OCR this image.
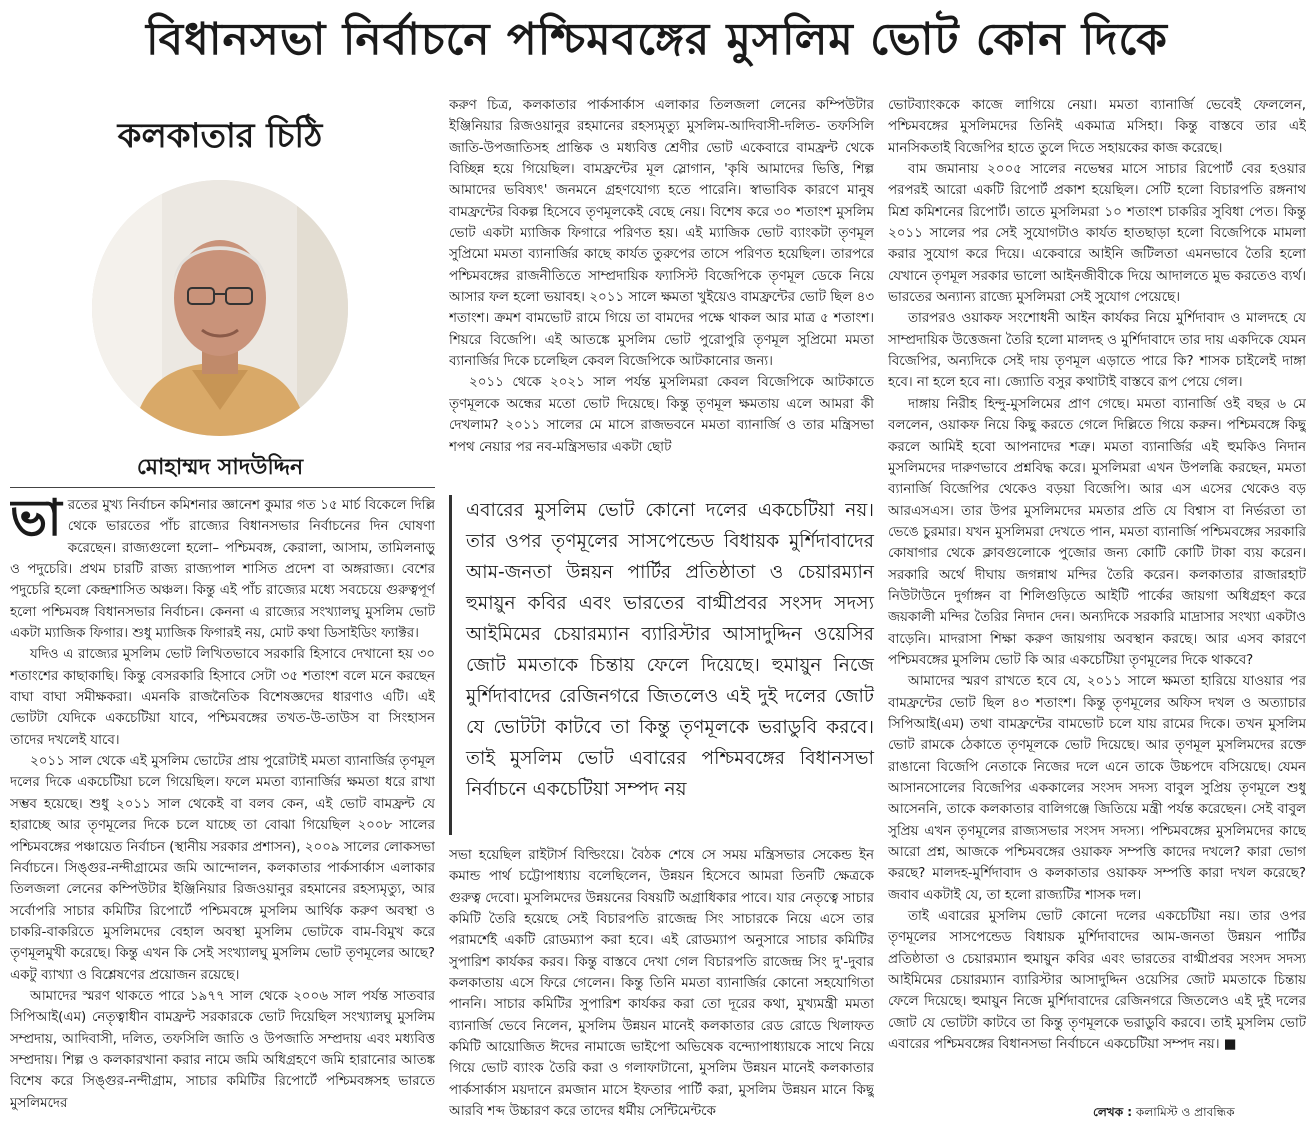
বিধানসভা নির্বাচনে পশ্চিমবঙ্গের মুসলিম ভোট কোন দিকে
কলকাতার চিঠি
মোহাম্মদ সাদউদ্দিন
ভা রতের মুখ্য নির্বাচন কমিশনার জ্ঞানেশ কুমার গত ১৫ মার্চ বিকেলে দিল্লি থেকে ভারতের পাঁচ রাজ্যের বিধানসভার নির্বাচনের দিন ঘোষণা করেছেন। রাজ্যগুলো হলো– পশ্চিমবঙ্গ, কেরালা, আসাম, তামিলনাড়ু ও পদুচেরি। প্রথম চারটি রাজ্য রাজ্যপাল শাসিত প্রদেশ বা অঙ্গরাজ্য। বেশের পদুচেরি হলো কেন্দ্রশাসিত অঞ্চল। কিন্তু এই পাঁচ রাজ্যের মধ্যে সবচেয়ে গুরুত্বপূর্ণ হলো পশ্চিমবঙ্গ বিধানসভার নির্বাচন। কেননা এ রাজ্যের সংখ্যালঘু মুসলিম ভোট একটা ম্যাজিক ফিগার। শুধু ম্যাজিক ফিগারই নয়, মোট কথা ডিসাইডিং ফ্যাক্টর।

যদিও এ রাজ্যের মুসলিম ভোট লিখিতভাবে সরকারি হিসাবে দেখানো হয় ৩০ শতাংশের কাছাকাছি। কিন্তু বেসরকারি হিসাবে সেটা ৩৫ শতাংশ বলে মনে করছেন বাঘা বাঘা সমীক্ষকরা। এমনকি রাজনৈতিক বিশেষজ্ঞদের ধারণাও এটি। এই ভোটটা যেদিকে একচেটিয়া যাবে, পশ্চিমবঙ্গের তখত-উ-তাউস বা সিংহাসন তাদের দখলেই যাবে।

২০১১ সাল থেকে এই মুসলিম ভোটের প্রায় পুরোটাই মমতা ব্যানার্জির তৃণমূল দলের দিকে একচেটিয়া চলে গিয়েছিল। ফলে মমতা ব্যানার্জির ক্ষমতা ধরে রাখা সম্ভব হয়েছে। শুধু ২০১১ সাল থেকেই বা বলব কেন, এই ভোট বামফ্রন্ট যে হারাচ্ছে আর তৃণমূলের দিকে চলে যাচ্ছে তা বোঝা গিয়েছিল ২০০৮ সালের পশ্চিমবঙ্গের পঞ্চায়েত নির্বাচন (স্থানীয় সরকার প্রশাসন), ২০০৯ সালের লোকসভা নির্বাচনে। সিঙ্গুর-নন্দীগ্রামের জমি আন্দোলন, কলকাতার পার্কসার্কাস এলাকার তিলজলা লেনের কম্পিউটার ইঞ্জিনিয়ার রিজওয়ানুর রহমানের রহস্যমৃত্যু, আর সর্বোপরি সাচার কমিটির রিপোর্টে পশ্চিমবঙ্গে মুসলিম আর্থিক করুণ অবস্থা ও চাকরি-বাকরিতে মুসলিমদের বেহাল অবস্থা মুসলিম ভোটকে বাম-বিমুখ করে তৃণমূলমুখী করেছে। কিন্তু এখন কি সেই সংখ্যালঘু মুসলিম ভোট তৃণমূলের আছে? একটু ব্যাখ্যা ও বিশ্লেষণের প্রয়োজন রয়েছে।

আমাদের স্মরণ থাকতে পারে ১৯৭৭ সাল থেকে ২০০৬ সাল পর্যন্ত সাতবার সিপিআই(এম) নেতৃত্বাধীন বামফ্রন্ট সরকারকে ভোট দিয়েছিল সংখ্যালঘু মুসলিম সম্প্রদায়, আদিবাসী, দলিত, তফসিলি জাতি ও উপজাতি সম্প্রদায় এবং মধ্যবিত্ত সম্প্রদায়। শিল্প ও কলকারখানা করার নামে জমি অধিগ্রহণে জমি হারানোর আতঙ্ক বিশেষ করে সিঙ্গুর-নন্দীগ্রাম, সাচার কমিটির রিপোর্টে পশ্চিমবঙ্গসহ ভারতে মুসলিমদের

করুণ চিত্র, কলকাতার পার্কসার্কাস এলাকার তিলজলা লেনের কম্পিউটার ইঞ্জিনিয়ার রিজওয়ানুর রহমানের রহস্যমৃত্যু মুসলিম-আদিবাসী-দলিত- তফসিলি জাতি-উপজাতিসহ প্রান্তিক ও মধ্যবিত্ত শ্রেণীর ভোট একেবারে বামফ্রন্ট থেকে বিচ্ছিন্ন হয়ে গিয়েছিল। বামফ্রন্টের মূল স্লোগান, 'কৃষি আমাদের ভিত্তি, শিল্প আমাদের ভবিষ্যৎ' জনমনে গ্রহণযোগ্য হতে পারেনি। স্বাভাবিক কারণে মানুষ বামফ্রন্টের বিকল্প হিসেবে তৃণমূলকেই বেছে নেয়। বিশেষ করে ৩০ শতাংশ মুসলিম ভোট একটা ম্যাজিক ফিগারে পরিণত হয়। এই ম্যাজিক ভোট ব্যাংকটা তৃণমূল সুপ্রিমো মমতা ব্যানার্জির কাছে কার্যত তুরুপের তাসে পরিণত হয়েছিল। তারপরে পশ্চিমবঙ্গের রাজনীতিতে সাম্প্রদায়িক ফ্যাসিস্ট বিজেপিকে তৃণমূল ডেকে নিয়ে আসার ফল হলো ভয়াবহ। ২০১১ সালে ক্ষমতা খুইয়েও বামফ্রন্টের ভোট ছিল ৪৩ শতাংশ। ক্রমশ বামভোট রামে গিয়ে তা বামদের পক্ষে থাকল আর মাত্র ৫ শতাংশ। শিয়রে বিজেপি। এই আতঙ্কে মুসলিম ভোট পুরোপুরি তৃণমূল সুপ্রিমো মমতা ব্যানার্জির দিকে চলেছিল কেবল বিজেপিকে আটকানোর জন্য।

২০১১ থেকে ২০২১ সাল পর্যন্ত মুসলিমরা কেবল বিজেপিকে আটকাতে তৃণমূলকে অন্ধের মতো ভোট দিয়েছে। কিন্তু তৃণমূল ক্ষমতায় এলে আমরা কী দেখলাম? ২০১১ সালের মে মাসে রাজভবনে মমতা ব্যানার্জি ও তার মন্ত্রিসভা শপথ নেয়ার পর নব-মন্ত্রিসভার একটা ছোট

এবারের মুসলিম ভোট কোনো দলের একচেটিয়া নয়। তার ওপর তৃণমূলের সাসপেন্ডেড বিধায়ক মুর্শিদাবাদের আম-জনতা উন্নয়ন পার্টির প্রতিষ্ঠাতা ও চেয়ারম্যান হুমায়ুন কবির এবং ভারতের বাগ্মীপ্রবর সংসদ সদস্য আইমিমের চেয়ারম্যান ব্যারিস্টার আসাদুদ্দিন ওয়েসির জোট মমতাকে চিন্তায় ফেলে দিয়েছে। হুমায়ুন নিজে মুর্শিদাবাদের রেজিনগরে জিতলেও এই দুই দলের জোট যে ভোটটা কাটবে তা কিন্তু তৃণমূলকে ভরাডুবি করবে। তাই মুসলিম ভোট এবারের পশ্চিমবঙ্গের বিধানসভা নির্বাচনে একচেটিয়া সম্পদ নয়

সভা হয়েছিল রাইটার্স বিল্ডিংয়ে। বৈঠক শেষে সে সময় মন্ত্রিসভার সেকেন্ড ইন কমান্ড পার্থ চট্টোপাধ্যায় বলেছিলেন, উন্নয়ন হিসেবে আমরা তিনটি ক্ষেত্রকে গুরুত্ব দেবো। মুসলিমদের উন্নয়নের বিষয়টি অগ্রাধিকার পাবে। যার নেতৃত্বে সাচার কমিটি তৈরি হয়েছে সেই বিচারপতি রাজেন্দ্র সিং সাচারকে নিয়ে এসে তার পরামর্শেই একটি রোডম্যাপ করা হবে। এই রোডম্যাপ অনুসারে সাচার কমিটির সুপারিশ কার্যকর করব। কিন্তু বাস্তবে দেখা গেল বিচারপতি রাজেন্দ্র সিং দু'-দুবার কলকাতায় এসে ফিরে গেলেন। কিন্তু তিনি মমতা ব্যানার্জির কোনো সহযোগিতা পাননি। সাচার কমিটির সুপারিশ কার্যকর করা তো দূরের কথা, মুখ্যমন্ত্রী মমতা ব্যানার্জি ভেবে নিলেন, মুসলিম উন্নয়ন মানেই কলকাতার রেড রোডে খিলাফত কমিটি আয়োজিত ঈদের নামাজে ভাইপো অভিষেক বন্দ্যোপাধ্যায়কে সাথে নিয়ে গিয়ে ভোট ব্যাংক তৈরি করা ও গলাফাটানো, মুসলিম উন্নয়ন মানেই কলকাতার পার্কসার্কাস ময়দানে রমজান মাসে ইফতার পার্টি করা, মুসলিম উন্নয়ন মানে কিছু আরবি শব্দ উচ্চারণ করে তাদের ধর্মীয় সেন্টিমেন্টকে

ভোটব্যাংককে কাজে লাগিয়ে নেয়া। মমতা ব্যানার্জি ভেবেই ফেললেন, পশ্চিমবঙ্গের মুসলিমদের তিনিই একমাত্র মসিহা। কিন্তু বাস্তবে তার এই মানসিকতাই বিজেপির হাতে তুলে দিতে সহায়কের কাজ করেছে।

বাম জমানায় ২০০৫ সালের নভেম্বর মাসে সাচার রিপোর্ট বের হওয়ার পরপরই আরো একটি রিপোর্ট প্রকাশ হয়েছিল। সেটি হলো বিচারপতি রঙ্গনাথ মিশ্র কমিশনের রিপোর্ট। তাতে মুসলিমরা ১০ শতাংশ চাকরির সুবিধা পেত। কিন্তু ২০১১ সালের পর সেই সুযোগটাও কার্যত হাতছাড়া হলো বিজেপিকে মামলা করার সুযোগ করে দিয়ে। একেবারে আইনি জটিলতা এমনভাবে তৈরি হলো যেখানে তৃণমূল সরকার ভালো আইনজীবীকে দিয়ে আদালতে মুভ করতেও ব্যর্থ। ভারতের অন্যান্য রাজ্যে মুসলিমরা সেই সুযোগ পেয়েছে।

তারপরও ওয়াকফ সংশোধনী আইন কার্যকর নিয়ে মুর্শিদাবাদ ও মালদহে যে সাম্প্রদায়িক উত্তেজনা তৈরি হলো মালদহ ও মুর্শিদাবাদে তার দায় একদিকে যেমন বিজেপির, অন্যদিকে সেই দায় তৃণমূল এড়াতে পারে কি? শাসক চাইলেই দাঙ্গা হবে। না হলে হবে না। জ্যোতি বসুর কথাটাই বাস্তবে রূপ পেয়ে গেল।

দাঙ্গায় নিরীহ হিন্দু-মুসলিমের প্রাণ গেছে। মমতা ব্যানার্জি ওই বছর ৬ মে বললেন, ওয়াকফ নিয়ে কিছু করতে গেলে দিল্লিতে গিয়ে করুন। পশ্চিমবঙ্গে কিছু করলে আমিই হবো আপনাদের শত্রু। মমতা ব্যানার্জির এই হুমকিও নিদান মুসলিমদের দারুণভাবে প্রশ্নবিদ্ধ করে। মুসলিমরা এখন উপলব্ধি করছেন, মমতা ব্যানার্জি বিজেপির থেকেও বড়য়া বিজেপি। আর এস এসের থেকেও বড় আরএসএস। তার উপর মুসলিমদের মমতার প্রতি যে বিশ্বাস বা নির্ভরতা তা ভেঙে চুরমার। যখন মুসলিমরা দেখতে পান, মমতা ব্যানার্জি পশ্চিমবঙ্গের সরকারি কোষাগার থেকে ক্লাবগুলোকে পুজোর জন্য কোটি কোটি টাকা ব্যয় করেন। সরকারি অর্থে দীঘায় জগন্নাথ মন্দির তৈরি করেন। কলকাতার রাজারহাট নিউটাউনে দুর্গাঙ্গন বা শিলিগুড়িতে আইটি পার্কের জায়গা অধিগ্রহণ করে জয়কালী মন্দির তৈরির নিদান দেন। অন্যদিকে সরকারি মাদ্রাসার সংখ্যা একটাও বাড়েনি। মাদরাসা শিক্ষা করুণ জায়গায় অবস্থান করছে। আর এসব কারণে পশ্চিমবঙ্গের মুসলিম ভোট কি আর একচেটিয়া তৃণমূলের দিকে থাকবে?

আমাদের স্মরণ রাখতে হবে যে, ২০১১ সালে ক্ষমতা হারিয়ে যাওয়ার পর বামফ্রন্টের ভোট ছিল ৪৩ শতাংশ। কিন্তু তৃণমূলের অফিস দখল ও অত্যাচার সিপিআই(এম) তথা বামফ্রন্টের বামভোট চলে যায় রামের দিকে। তখন মুসলিম ভোট রামকে ঠেকাতে তৃণমূলকে ভোট দিয়েছে। আর তৃণমূল মুসলিমদের রক্তে রাঙানো বিজেপি নেতাকে নিজের দলে এনে তাকে উচ্চপদে বসিয়েছে। যেমন আসানসোলের বিজেপির এককালের সংসদ সদস্য বাবুল সুপ্রিয় তৃণমূলে শুধু আসেননি, তাকে কলকাতার বালিগঞ্জে জিতিয়ে মন্ত্রী পর্যন্ত করেছেন। সেই বাবুল সুপ্রিয় এখন তৃণমূলের রাজ্যসভার সংসদ সদস্য। পশ্চিমবঙ্গের মুসলিমদের কাছে আরো প্রশ্ন, আজকে পশ্চিমবঙ্গের ওয়াকফ সম্পত্তি কাদের দখলে? কারা ভোগ করছে? মালদহ-মুর্শিদাবাদ ও কলকাতার ওয়াকফ সম্পত্তি কারা দখল করেছে? জবাব একটাই যে, তা হলো রাজ্যটির শাসক দল।

তাই এবারের মুসলিম ভোট কোনো দলের একচেটিয়া নয়। তার ওপর তৃণমূলের সাসপেন্ডেড বিধায়ক মুর্শিদাবাদের আম-জনতা উন্নয়ন পার্টির প্রতিষ্ঠাতা ও চেয়ারম্যান হুমায়ুন কবির এবং ভারতের বাগ্মীপ্রবর সংসদ সদস্য আইমিমের চেয়ারম্যান ব্যারিস্টার আসাদুদ্দিন ওয়েসির জোট মমতাকে চিন্তায় ফেলে দিয়েছে। হুমায়ুন নিজে মুর্শিদাবাদের রেজিনগরে জিতলেও এই দুই দলের জোট যে ভোটটা কাটবে তা কিন্তু তৃণমূলকে ভরাডুবি করবে। তাই মুসলিম ভোট এবারের পশ্চিমবঙ্গের বিধানসভা নির্বাচনে একচেটিয়া সম্পদ নয়। ■

লেখক : কলামিস্ট ও প্রাবন্ধিক
